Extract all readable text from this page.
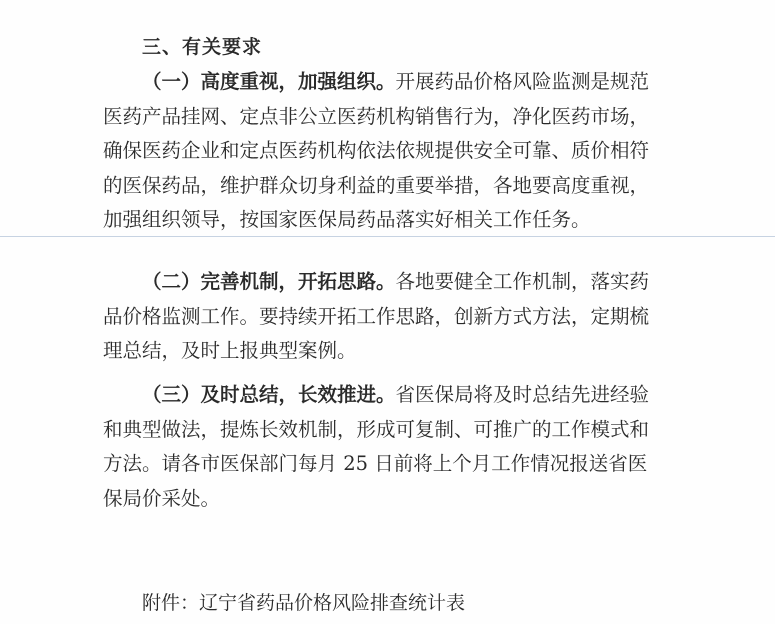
三、有关要求

（一）高度重视，加强组织。开展药品价格风险监测是规范

医药产品挂网、定点非公立医药机构销售行为，净化医药市场，
确保医药企业和定点医药机构依法依规提供安全可靠、质价相符
的医保药品，维护群众切身利益的重要举措，各地要高度重视，
加强组织领导，按国家医保局药品落实好相关工作任务。

（二）完善机制，开拓思路。各地要健全工作机制，落实药

品价格监测工作。要持续开拓工作思路，创新方式方法，定期梳
理总结，及时上报典型案例。

（三）及时总结，长效推进。省医保局将及时总结先进经验

和典型做法，提炼长效机制，形成可复制、可推广的工作模式和
方法。请各市医保部门每月 25 日前将上个月工作情况报送省医
保局价采处。

附件：辽宁省药品价格风险排查统计表
